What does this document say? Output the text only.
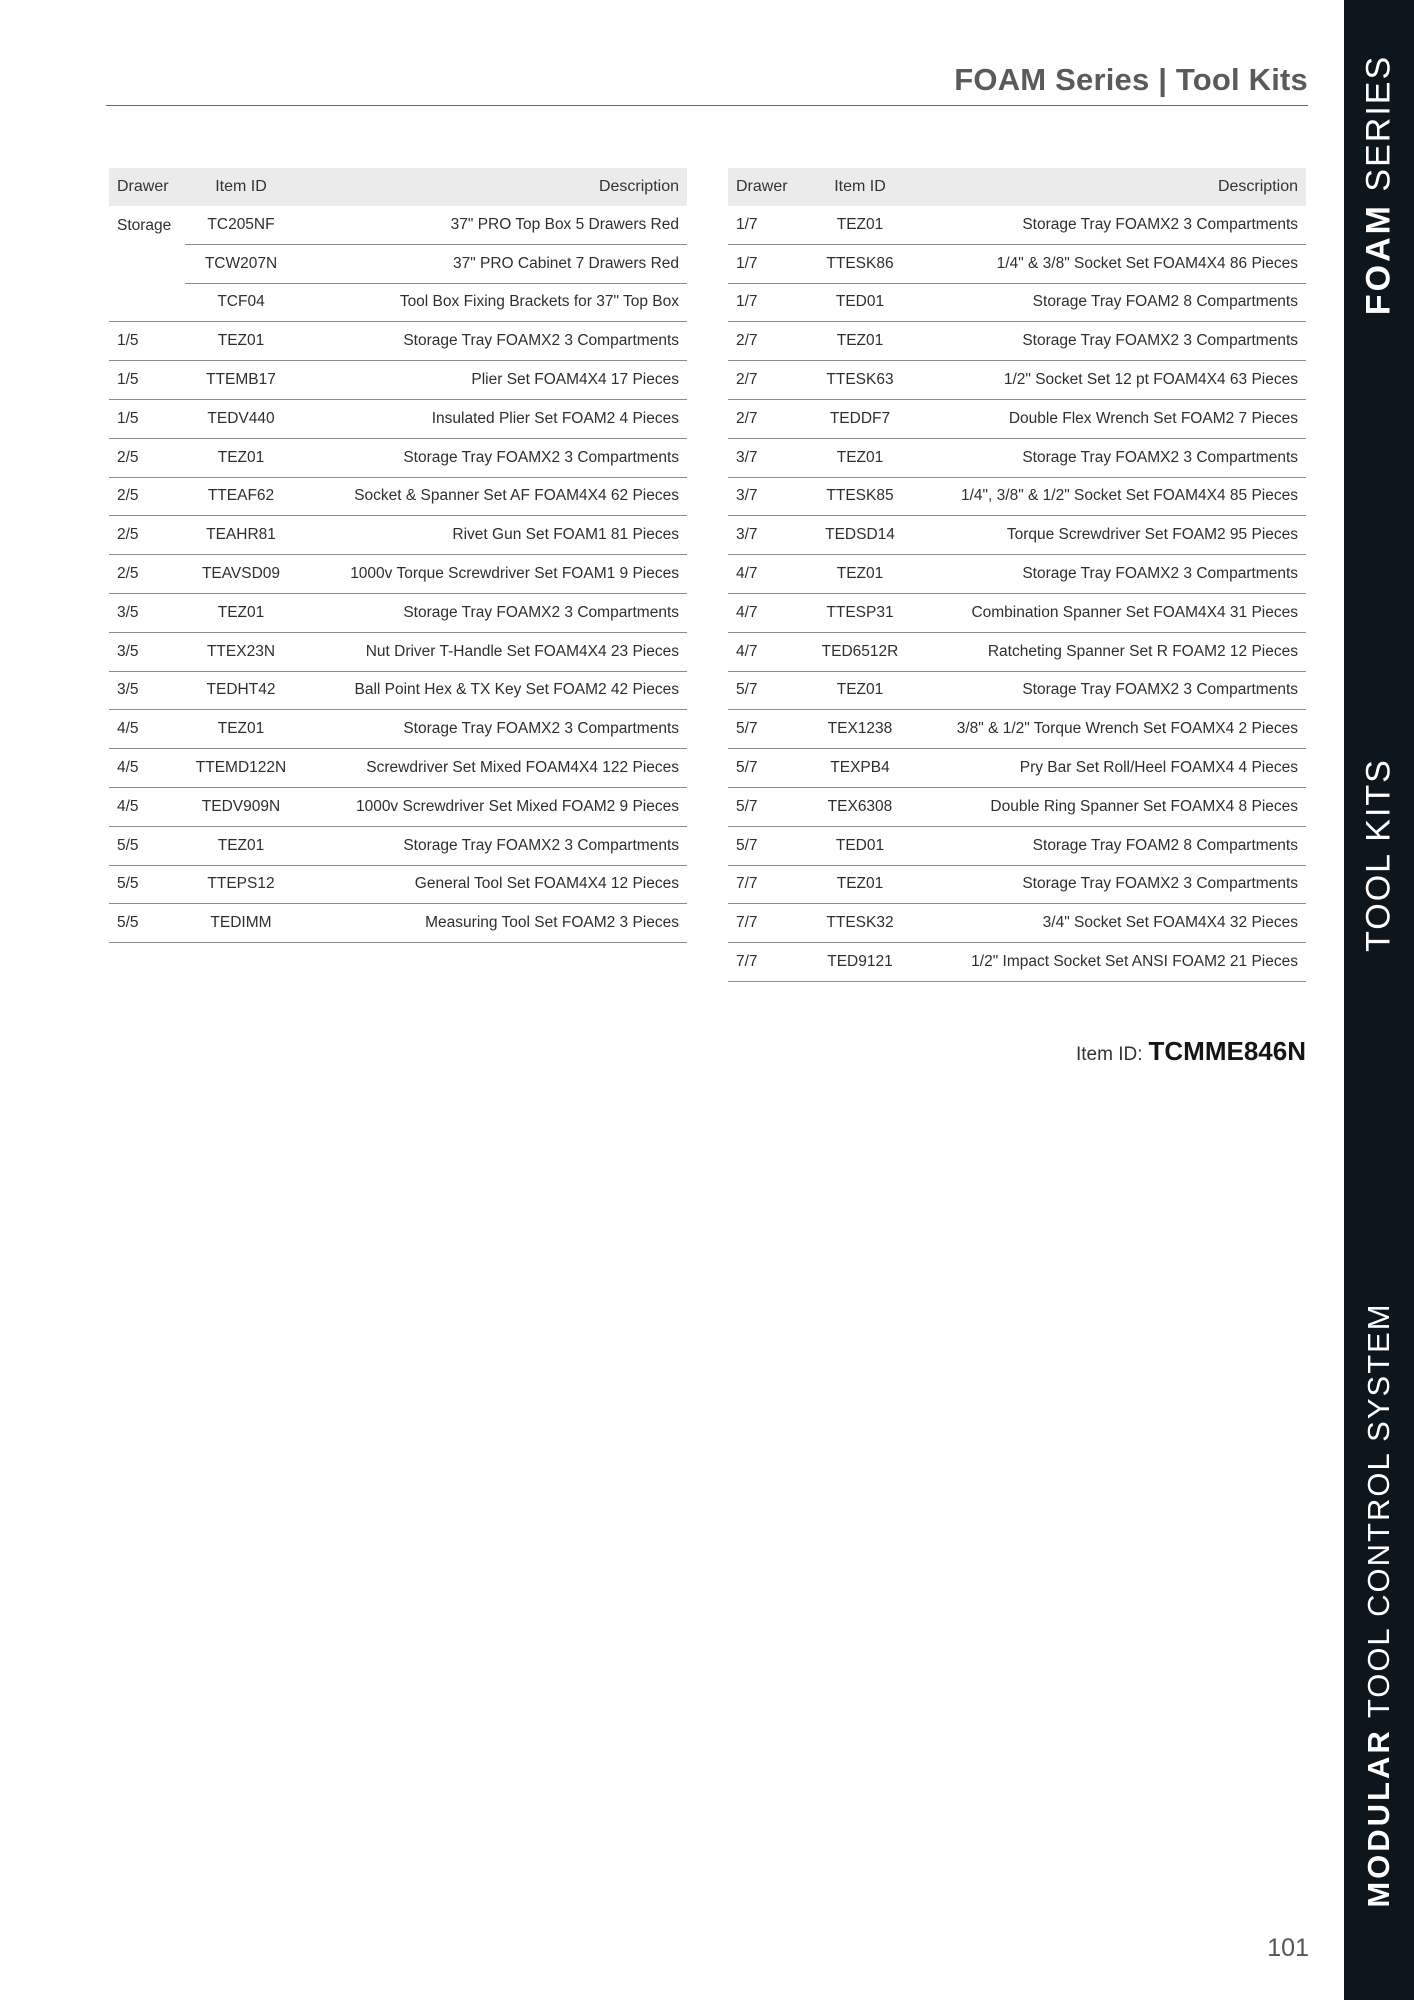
FOAM Series | Tool Kits
Drawer	Item ID	Description
Storage	TC205NF	37" PRO Top Box 5 Drawers Red
	TCW207N	37" PRO Cabinet 7 Drawers Red
	TCF04	Tool Box Fixing Brackets for 37" Top Box
1/5	TEZ01	Storage Tray FOAMX2 3 Compartments
1/5	TTEMB17	Plier Set FOAM4X4 17 Pieces
1/5	TEDV440	Insulated Plier Set FOAM2 4 Pieces
2/5	TEZ01	Storage Tray FOAMX2 3 Compartments
2/5	TTEAF62	Socket & Spanner Set AF FOAM4X4 62 Pieces
2/5	TEAHR81	Rivet Gun Set FOAM1 81 Pieces
2/5	TEAVSD09	1000v Torque Screwdriver Set FOAM1 9 Pieces
3/5	TEZ01	Storage Tray FOAMX2 3 Compartments
3/5	TTEX23N	Nut Driver T-Handle Set FOAM4X4 23 Pieces
3/5	TEDHT42	Ball Point Hex & TX Key Set FOAM2 42 Pieces
4/5	TEZ01	Storage Tray FOAMX2 3 Compartments
4/5	TTEMD122N	Screwdriver Set Mixed FOAM4X4 122 Pieces
4/5	TEDV909N	1000v Screwdriver Set Mixed FOAM2 9 Pieces
5/5	TEZ01	Storage Tray FOAMX2 3 Compartments
5/5	TTEPS12	General Tool Set FOAM4X4 12 Pieces
5/5	TEDIMM	Measuring Tool Set FOAM2 3 Pieces
Drawer	Item ID	Description
1/7	TEZ01	Storage Tray FOAMX2 3 Compartments
1/7	TTESK86	1/4" & 3/8" Socket Set FOAM4X4 86 Pieces
1/7	TED01	Storage Tray FOAM2 8 Compartments
2/7	TEZ01	Storage Tray FOAMX2 3 Compartments
2/7	TTESK63	1/2" Socket Set 12 pt FOAM4X4 63 Pieces
2/7	TEDDF7	Double Flex Wrench Set FOAM2 7 Pieces
3/7	TEZ01	Storage Tray FOAMX2 3 Compartments
3/7	TTESK85	1/4", 3/8" & 1/2" Socket Set FOAM4X4 85 Pieces
3/7	TEDSD14	Torque Screwdriver Set FOAM2 95 Pieces
4/7	TEZ01	Storage Tray FOAMX2 3 Compartments
4/7	TTESP31	Combination Spanner Set FOAM4X4 31 Pieces
4/7	TED6512R	Ratcheting Spanner Set R FOAM2 12 Pieces
5/7	TEZ01	Storage Tray FOAMX2 3 Compartments
5/7	TEX1238	3/8" & 1/2" Torque Wrench Set FOAMX4 2 Pieces
5/7	TEXPB4	Pry Bar Set Roll/Heel FOAMX4 4 Pieces
5/7	TEX6308	Double Ring Spanner Set FOAMX4 8 Pieces
5/7	TED01	Storage Tray FOAM2 8 Compartments
7/7	TEZ01	Storage Tray FOAMX2 3 Compartments
7/7	TTESK32	3/4" Socket Set FOAM4X4 32 Pieces
7/7	TED9121	1/2" Impact Socket Set ANSI FOAM2 21 Pieces
Item ID: TCMME846N
FOAM SERIES
TOOL KITS
MODULAR TOOL CONTROL SYSTEM
101
